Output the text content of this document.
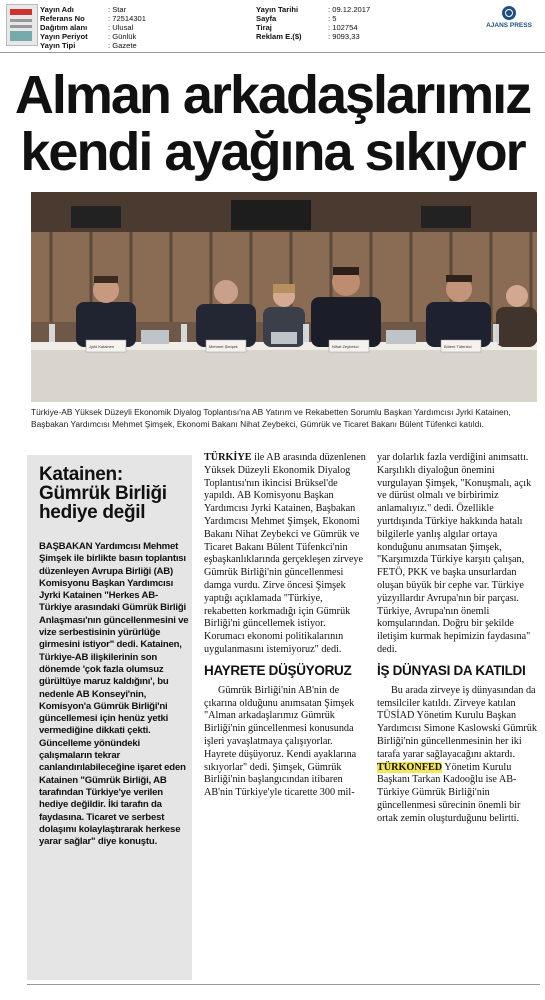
Yayın Adı	: Star
Referans No	: 72514301
Dağıtım alanı	: Ulusal
Yayın Periyot	: Günlük
Yayın Tipi	: Gazete
Yayın Tarihi	: 09.12.2017
Sayfa	: 5
Tiraj	: 102754
Reklam E.($)	: 9093,33
AJANS PRESS
Alman arkadaşlarımız
kendi ayağına sıkıyor
Jyrki Katainen	Mehmet Şimşek	Nihat Zeybekci	Bülent Tüfenkci
Türkiye-AB Yüksek Düzeyli Ekonomik Diyalog Toplantısı'na AB Yatırım ve Rekabetten Sorumlu Başkan Yardımcısı Jyrki Katainen, Başbakan Yardımcısı Mehmet Şimşek, Ekonomi Bakanı Nihat Zeybekci, Gümrük ve Ticaret Bakanı Bülent Tüfenkci katıldı.
Katainen: Gümrük Birliği hediye değil
BAŞBAKAN Yardımcısı Mehmet Şimşek ile birlikte basın toplantısı düzenleyen Avrupa Birliği (AB) Komisyonu Başkan Yardımcısı Jyrki Katainen "Herkes AB-Türkiye arasındaki Gümrük Birliği Anlaşması'nın güncellenmesini ve vize serbestisinin yürürlüğe girmesini istiyor" dedi. Katainen, Türkiye-AB ilişkilerinin son dönemde 'çok fazla olumsuz gürültüye maruz kaldığını', bu nedenle AB Konseyi'nin, Komisyon'a Gümrük Birliği'ni güncellemesi için henüz yetki vermediğine dikkati çekti. Güncelleme yönündeki çalışmaların tekrar canlandırılabileceğine işaret eden Katainen "Gümrük Birliği, AB tarafından Türkiye'ye verilen hediye değildir. İki tarafın da faydasına. Ticaret ve serbest dolaşımı kolaylaştırarak herkese yarar sağlar" diye konuştu.

TÜRKİYE ile AB arasında düzenlenen Yüksek Düzeyli Ekonomik Diyalog Toplantısı'nın ikincisi Brüksel'de yapıldı. AB Komisyonu Başkan Yardımcısı Jyrki Katainen, Başbakan Yardımcısı Mehmet Şimşek, Ekonomi Bakanı Nihat Zeybekci ve Gümrük ve Ticaret Bakanı Bülent Tüfenkci'nin eşbaşkanlıklarında gerçekleşen zirveye Gümrük Birliği'nin güncellenmesi damga vurdu. Zirve öncesi Şimşek yaptığı açıklamada "Türkiye, rekabetten korkmadığı için Gümrük Birliği'ni güncellemek istiyor. Korumacı ekonomi politikalarının uygulanmasını istemiyoruz" dedi.

HAYRETE DÜŞÜYORUZ

Gümrük Birliği'nin AB'nin de çıkarına olduğunu anımsatan Şimşek "Alman arkadaşlarımız Gümrük Birliği'nin güncellenmesi konusunda işleri yavaşlatmaya çalışıyorlar. Hayrete düşüyoruz. Kendi ayaklarına sıkıyorlar" dedi. Şimşek, Gümrük Birliği'nin başlangıcından itibaren AB'nin Türkiye'yle ticarette 300 mil-

yar dolarlık fazla verdiğini anımsattı. Karşılıklı diyaloğun önemini vurgulayan Şimşek, "Konuşmalı, açık ve dürüst olmalı ve birbirimiz anlamalıyız." dedi. Özellikle yurtdışında Türkiye hakkında hatalı bilgilerle yanlış algılar ortaya konduğunu anımsatan Şimşek, "Karşımızda Türkiye karşıtı çalışan, FETÖ, PKK ve başka unsurlardan oluşan büyük bir cephe var. Türkiye yüzyıllardır Avrupa'nın bir parçası. Türkiye, Avrupa'nın önemli komşularından. Doğru bir şekilde iletişim kurmak hepimizin faydasına" dedi.

İŞ DÜNYASI DA KATILDI

Bu arada zirveye iş dünyasından da temsilciler katıldı. Zirveye katılan TÜSİAD Yönetim Kurulu Başkan Yardımcısı Simone Kaslowski Gümrük Birliği'nin güncellenmesinin her iki tarafa yarar sağlayacağını aktardı. TÜRKONFED Yönetim Kurulu Başkanı Tarkan Kadooğlu ise AB-Türkiye Gümrük Birliği'nin güncellenmesi sürecinin önemli bir ortak zemin oluşturduğunu belirtti.
